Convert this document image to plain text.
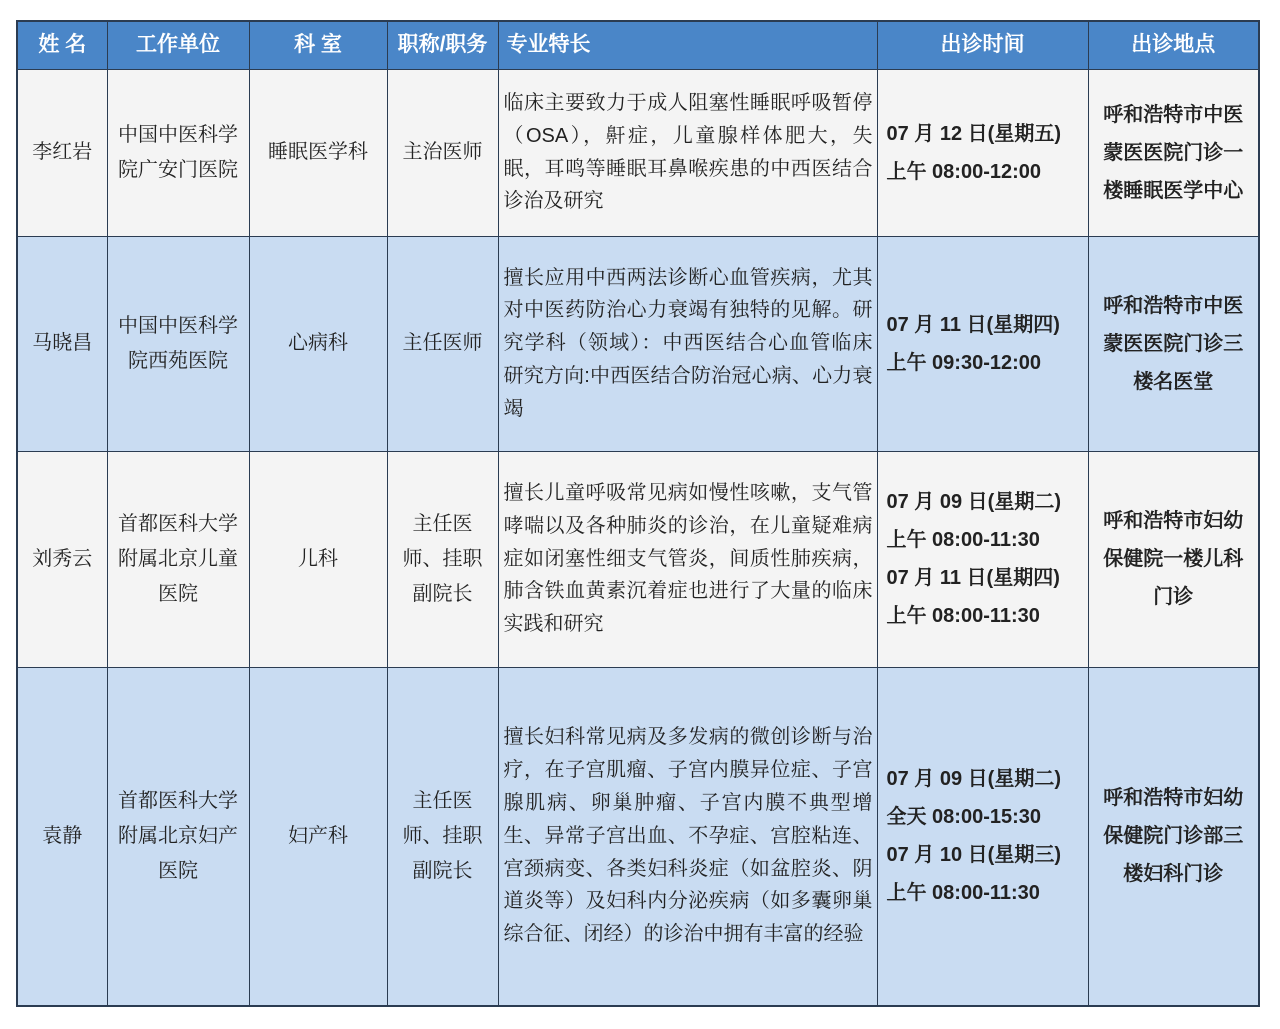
姓 名	工作单位	科 室	职称/职务	专业特长	出诊时间	出诊地点
李红岩	中国中医科学院广安门医院	睡眠医学科	主治医师	临床主要致力于成人阻塞性睡眠呼吸暂停（OSA），鼾症，儿童腺样体肥大，失眠，耳鸣等睡眠耳鼻喉疾患的中西医结合诊治及研究	07 月 12 日(星期五)
上午 08:00-12:00	呼和浩特市中医蒙医医院门诊一楼睡眠医学中心
马晓昌	中国中医科学院西苑医院	心病科	主任医师	擅长应用中西两法诊断心血管疾病，尤其对中医药防治心力衰竭有独特的见解。研究学科（领域）：中西医结合心血管临床研究方向:中西医结合防治冠心病、心力衰竭	07 月 11 日(星期四)
上午 09:30-12:00	呼和浩特市中医蒙医医院门诊三楼名医堂
刘秀云	首都医科大学附属北京儿童医院	儿科	主任医师、挂职副院长	擅长儿童呼吸常见病如慢性咳嗽，支气管哮喘以及各种肺炎的诊治，在儿童疑难病症如闭塞性细支气管炎，间质性肺疾病，肺含铁血黄素沉着症也进行了大量的临床实践和研究	07 月 09 日(星期二)
上午 08:00-11:30
07 月 11 日(星期四)
上午 08:00-11:30	呼和浩特市妇幼保健院一楼儿科门诊
袁静	首都医科大学附属北京妇产医院	妇产科	主任医师、挂职副院长	擅长妇科常见病及多发病的微创诊断与治疗，在子宫肌瘤、子宫内膜异位症、子宫腺肌病、卵巢肿瘤、子宫内膜不典型增生、异常子宫出血、不孕症、宫腔粘连、宫颈病变、各类妇科炎症（如盆腔炎、阴道炎等）及妇科内分泌疾病（如多囊卵巢综合征、闭经）的诊治中拥有丰富的经验	07 月 09 日(星期二)
全天 08:00-15:30
07 月 10 日(星期三)
上午 08:00-11:30	呼和浩特市妇幼保健院门诊部三楼妇科门诊
